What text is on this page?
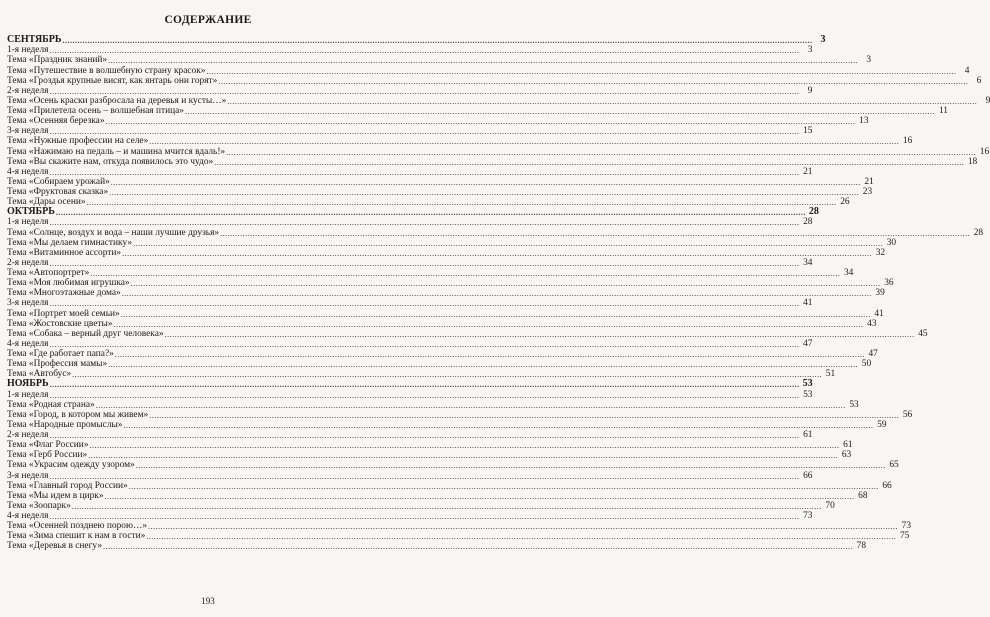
СОДЕРЖАНИЕ
СЕНТЯБРЬ ............................................................................................................................................................................................................................................................................................................ 3
1-я неделя ............................................................................................................................................................................................................................................................................................................ 3
Тема «Праздник знаний» ............................................................................................................................................................................................................................................................................................................ 3
Тема «Путешествие в волшебную страну красок» ............................................................................................................................................................................................................................................................................................................ 4
Тема «Гроздья крупные висят, как янтарь они горят» ............................................................................................................................................................................................................................................................................................................ 6
2-я неделя ............................................................................................................................................................................................................................................................................................................ 9
Тема «Осень краски разбросала на деревья и кусты…» ............................................................................................................................................................................................................................................................................................................ 9
Тема «Прилетела осень – волшебная птица» ............................................................................................................................................................................................................................................................................................................ 11
Тема «Осенняя березка» ............................................................................................................................................................................................................................................................................................................ 13
3-я неделя ............................................................................................................................................................................................................................................................................................................ 15
Тема «Нужные профессии на селе» ............................................................................................................................................................................................................................................................................................................ 16
Тема «Нажимаю на педаль – и машина мчится вдаль!» ............................................................................................................................................................................................................................................................................................................ 16
Тема «Вы скажите нам, откуда появилось это чудо» ............................................................................................................................................................................................................................................................................................................ 18
4-я неделя ............................................................................................................................................................................................................................................................................................................ 21
Тема «Собираем урожай» ............................................................................................................................................................................................................................................................................................................ 21
Тема «Фруктовая сказка» ............................................................................................................................................................................................................................................................................................................ 23
Тема «Дары осени» ............................................................................................................................................................................................................................................................................................................ 26
ОКТЯБРЬ ............................................................................................................................................................................................................................................................................................................ 28
1-я неделя ............................................................................................................................................................................................................................................................................................................ 28
Тема «Солнце, воздух и вода – наши лучшие друзья» ............................................................................................................................................................................................................................................................................................................ 28
Тема «Мы делаем гимнастику» ............................................................................................................................................................................................................................................................................................................ 30
Тема «Витаминное ассорти» ............................................................................................................................................................................................................................................................................................................ 32
2-я неделя ............................................................................................................................................................................................................................................................................................................ 34
Тема «Автопортрет» ............................................................................................................................................................................................................................................................................................................ 34
Тема «Моя любимая игрушка» ............................................................................................................................................................................................................................................................................................................ 36
Тема «Многоэтажные дома» ............................................................................................................................................................................................................................................................................................................ 39
3-я неделя ............................................................................................................................................................................................................................................................................................................ 41
Тема «Портрет моей семьи» ............................................................................................................................................................................................................................................................................................................ 41
Тема «Жостовские цветы» ............................................................................................................................................................................................................................................................................................................ 43
Тема «Собака – верный друг человека» ............................................................................................................................................................................................................................................................................................................ 45
4-я неделя ............................................................................................................................................................................................................................................................................................................ 47
Тема «Где работает папа?» ............................................................................................................................................................................................................................................................................................................ 47
Тема «Профессия мамы» ............................................................................................................................................................................................................................................................................................................ 50
Тема «Автобус» ............................................................................................................................................................................................................................................................................................................ 51
НОЯБРЬ ............................................................................................................................................................................................................................................................................................................ 53
1-я неделя ............................................................................................................................................................................................................................................................................................................ 53
Тема «Родная страна» ............................................................................................................................................................................................................................................................................................................ 53
Тема «Город, в котором мы живем» ............................................................................................................................................................................................................................................................................................................ 56
Тема «Народные промыслы» ............................................................................................................................................................................................................................................................................................................ 59
2-я неделя ............................................................................................................................................................................................................................................................................................................ 61
Тема «Флаг России» ............................................................................................................................................................................................................................................................................................................ 61
Тема «Герб России» ............................................................................................................................................................................................................................................................................................................ 63
Тема «Украсим одежду узором» ............................................................................................................................................................................................................................................................................................................ 65
3-я неделя ............................................................................................................................................................................................................................................................................................................ 66
Тема «Главный город России» ............................................................................................................................................................................................................................................................................................................ 66
Тема «Мы идем в цирк» ............................................................................................................................................................................................................................................................................................................ 68
Тема «Зоопарк» ............................................................................................................................................................................................................................................................................................................ 70
4-я неделя ............................................................................................................................................................................................................................................................................................................ 73
Тема «Осенней позднею порою…» ............................................................................................................................................................................................................................................................................................................ 73
Тема «Зима спешит к нам в гости» ............................................................................................................................................................................................................................................................................................................ 75
Тема «Деревья в снегу» ............................................................................................................................................................................................................................................................................................................ 78
193
